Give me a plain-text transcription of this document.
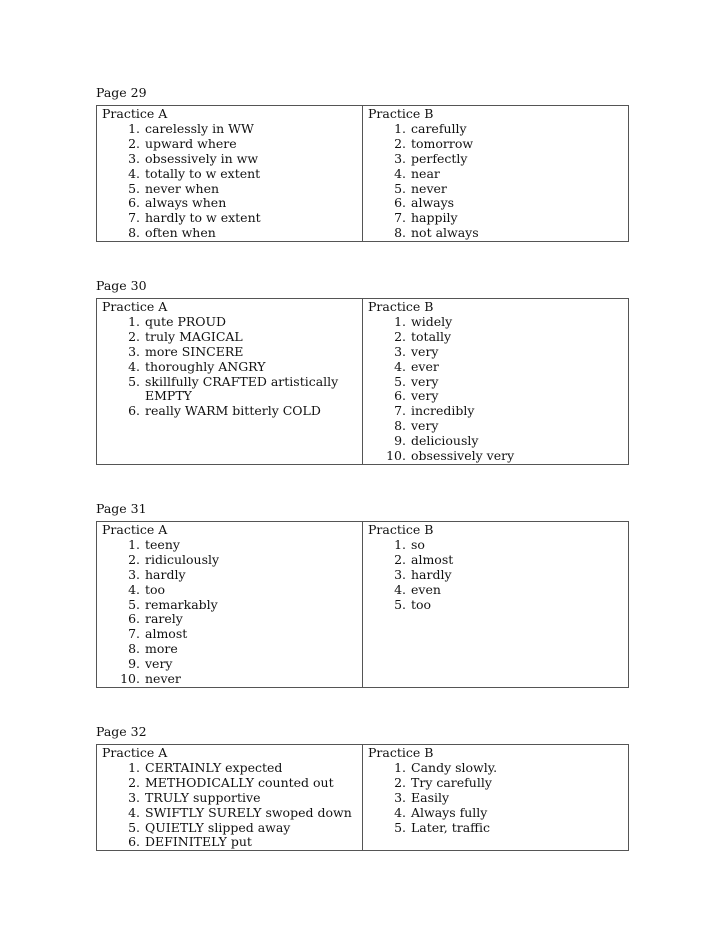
Page 29
Practice A
1. carelessly in WW
2. upward where
3. obsessively in ww
4. totally to w extent
5. never when
6. always when
7. hardly to w extent
8. often when
Practice B
1. carefully
2. tomorrow
3. perfectly
4. near
5. never
6. always
7. happily
8. not always
Page 30
Practice A
1. qute PROUD
2. truly MAGICAL
3. more SINCERE
4. thoroughly ANGRY
5. skillfully CRAFTED artistically EMPTY
6. really WARM bitterly COLD
Practice B
1. widely
2. totally
3. very
4. ever
5. very
6. very
7. incredibly
8. very
9. deliciously
10. obsessively very
Page 31
Practice A
1. teeny
2. ridiculously
3. hardly
4. too
5. remarkably
6. rarely
7. almost
8. more
9. very
10. never
Practice B
1. so
2. almost
3. hardly
4. even
5. too
Page 32
Practice A
1. CERTAINLY expected
2. METHODICALLY counted out
3. TRULY supportive
4. SWIFTLY SURELY swoped down
5. QUIETLY slipped away
6. DEFINITELY put
Practice B
1. Candy slowly.
2. Try carefully
3. Easily
4. Always fully
5. Later, traffic
